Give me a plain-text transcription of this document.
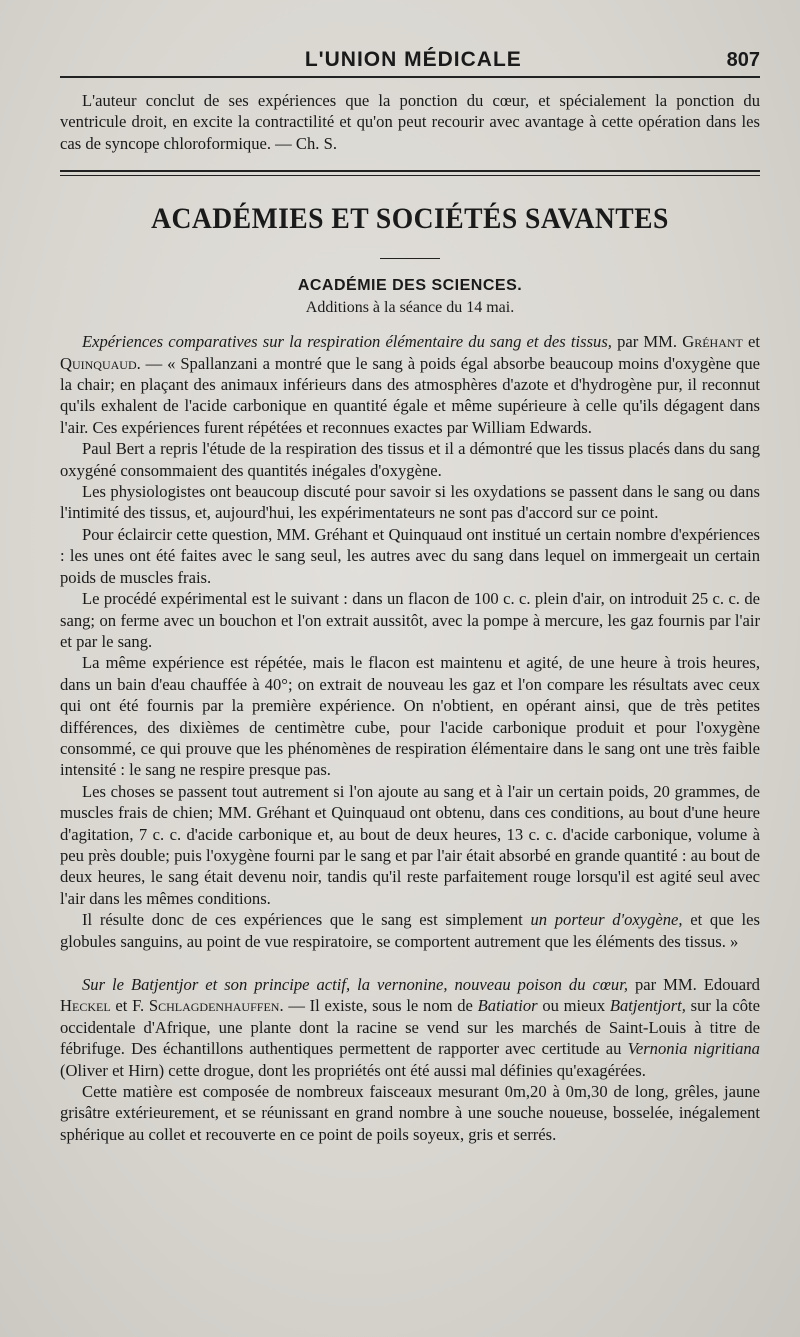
L'UNION MÉDICALE	807

L'auteur conclut de ses expériences que la ponction du cœur, et spécialement la ponction du ventricule droit, en excite la contractilité et qu'on peut recourir avec avantage à cette opération dans les cas de syncope chloroformique. — Ch. S.

ACADÉMIES ET SOCIÉTÉS SAVANTES
ACADÉMIE DES SCIENCES.
Additions à la séance du 14 mai.

Expériences comparatives sur la respiration élémentaire du sang et des tissus, par MM. Gréhant et Quinquaud. — « Spallanzani a montré que le sang à poids égal absorbe beaucoup moins d'oxygène que la chair; en plaçant des animaux inférieurs dans des atmosphères d'azote et d'hydrogène pur, il reconnut qu'ils exhalent de l'acide carbonique en quantité égale et même supérieure à celle qu'ils dégagent dans l'air. Ces expériences furent répétées et reconnues exactes par William Edwards.

Paul Bert a repris l'étude de la respiration des tissus et il a démontré que les tissus placés dans du sang oxygéné consommaient des quantités inégales d'oxygène.

Les physiologistes ont beaucoup discuté pour savoir si les oxydations se passent dans le sang ou dans l'intimité des tissus, et, aujourd'hui, les expérimentateurs ne sont pas d'accord sur ce point.

Pour éclaircir cette question, MM. Gréhant et Quinquaud ont institué un certain nombre d'expériences : les unes ont été faites avec le sang seul, les autres avec du sang dans lequel on immergeait un certain poids de muscles frais.

Le procédé expérimental est le suivant : dans un flacon de 100 c. c. plein d'air, on introduit 25 c. c. de sang; on ferme avec un bouchon et l'on extrait aussitôt, avec la pompe à mercure, les gaz fournis par l'air et par le sang.

La même expérience est répétée, mais le flacon est maintenu et agité, de une heure à trois heures, dans un bain d'eau chauffée à 40°; on extrait de nouveau les gaz et l'on compare les résultats avec ceux qui ont été fournis par la première expérience. On n'obtient, en opérant ainsi, que de très petites différences, des dixièmes de centimètre cube, pour l'acide carbonique produit et pour l'oxygène consommé, ce qui prouve que les phénomènes de respiration élémentaire dans le sang ont une très faible intensité : le sang ne respire presque pas.

Les choses se passent tout autrement si l'on ajoute au sang et à l'air un certain poids, 20 grammes, de muscles frais de chien; MM. Gréhant et Quinquaud ont obtenu, dans ces conditions, au bout d'une heure d'agitation, 7 c. c. d'acide carbonique et, au bout de deux heures, 13 c. c. d'acide carbonique, volume à peu près double; puis l'oxygène fourni par le sang et par l'air était absorbé en grande quantité : au bout de deux heures, le sang était devenu noir, tandis qu'il reste parfaitement rouge lorsqu'il est agité seul avec l'air dans les mêmes conditions.

Il résulte donc de ces expériences que le sang est simplement un porteur d'oxygène, et que les globules sanguins, au point de vue respiratoire, se comportent autrement que les éléments des tissus. »

Sur le Batjentjor et son principe actif, la vernonine, nouveau poison du cœur, par MM. Edouard Heckel et F. Schlagdenhauffen. — Il existe, sous le nom de Batiatior ou mieux Batjentjort, sur la côte occidentale d'Afrique, une plante dont la racine se vend sur les marchés de Saint-Louis à titre de fébrifuge. Des échantillons authentiques permettent de rapporter avec certitude au Vernonia nigritiana (Oliver et Hirn) cette drogue, dont les propriétés ont été aussi mal définies qu'exagérées.

Cette matière est composée de nombreux faisceaux mesurant 0m,20 à 0m,30 de long, grêles, jaune grisâtre extérieurement, et se réunissant en grand nombre à une souche noueuse, bosselée, inégalement sphérique au collet et recouverte en ce point de poils soyeux, gris et serrés.
